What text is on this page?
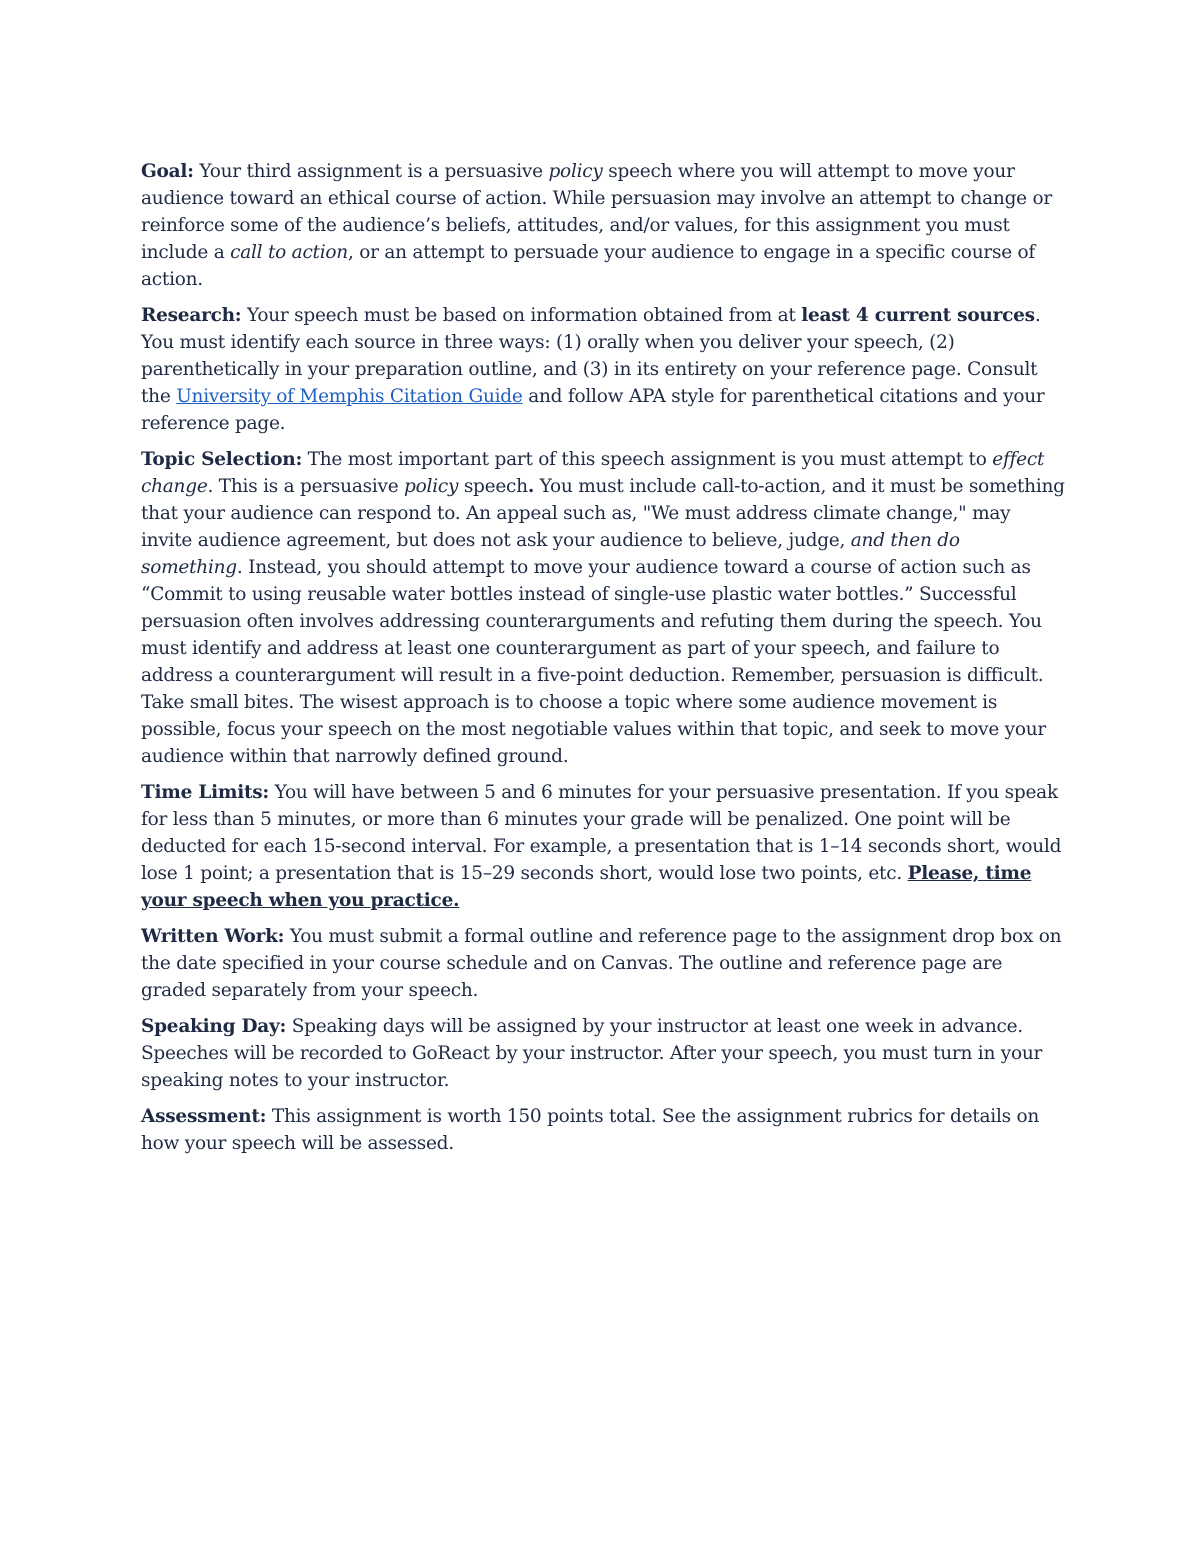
Goal: Your third assignment is a persuasive policy speech where you will attempt to move your audience toward an ethical course of action. While persuasion may involve an attempt to change or reinforce some of the audience’s beliefs, attitudes, and/or values, for this assignment you must include a call to action, or an attempt to persuade your audience to engage in a specific course of action.

Research: Your speech must be based on information obtained from at least 4 current sources. You must identify each source in three ways: (1) orally when you deliver your speech, (2) parenthetically in your preparation outline, and (3) in its entirety on your reference page. Consult the University of Memphis Citation Guide and follow APA style for parenthetical citations and your reference page.

Topic Selection: The most important part of this speech assignment is you must attempt to effect change. This is a persuasive policy speech. You must include call-to-action, and it must be something that your audience can respond to. An appeal such as, "We must address climate change," may invite audience agreement, but does not ask your audience to believe, judge, and then do something. Instead, you should attempt to move your audience toward a course of action such as “Commit to using reusable water bottles instead of single-use plastic water bottles.” Successful persuasion often involves addressing counterarguments and refuting them during the speech. You must identify and address at least one counterargument as part of your speech, and failure to address a counterargument will result in a five-point deduction. Remember, persuasion is difficult. Take small bites. The wisest approach is to choose a topic where some audience movement is possible, focus your speech on the most negotiable values within that topic, and seek to move your audience within that narrowly defined ground.

Time Limits: You will have between 5 and 6 minutes for your persuasive presentation. If you speak for less than 5 minutes, or more than 6 minutes your grade will be penalized. One point will be deducted for each 15-second interval. For example, a presentation that is 1–14 seconds short, would lose 1 point; a presentation that is 15–29 seconds short, would lose two points, etc. Please, time your speech when you practice.

Written Work: You must submit a formal outline and reference page to the assignment drop box on the date specified in your course schedule and on Canvas. The outline and reference page are graded separately from your speech.

Speaking Day: Speaking days will be assigned by your instructor at least one week in advance. Speeches will be recorded to GoReact by your instructor. After your speech, you must turn in your speaking notes to your instructor.

Assessment: This assignment is worth 150 points total. See the assignment rubrics for details on how your speech will be assessed.
